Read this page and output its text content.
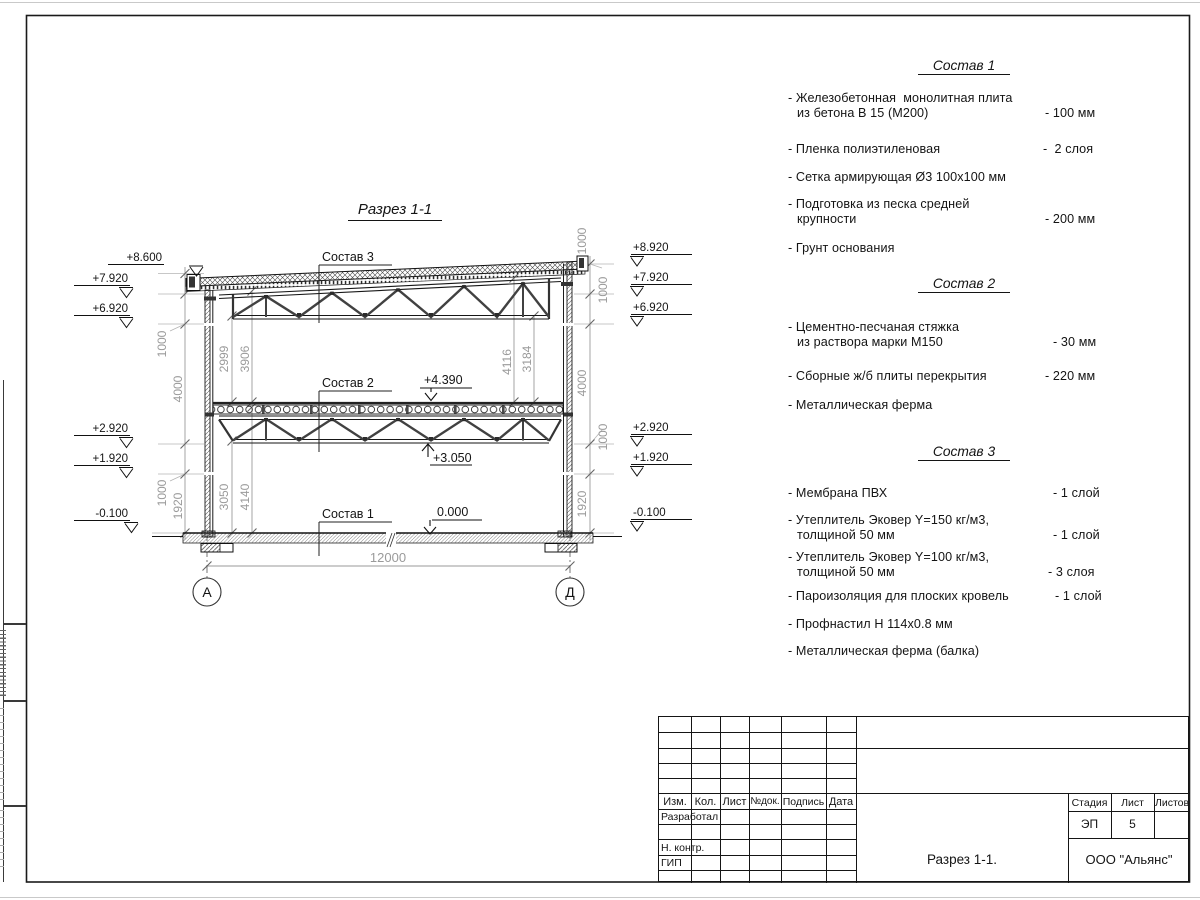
+8.600
+7.920
+6.920
+2.920
+1.920
-0.100
+8.920
+7.920
+6.920
+2.920
+1.920
-0.100
Состав 3
Состав 2
Состав 1
+4.390
+3.050
0.000
1000
4000
1000 1920
1000
1000
4000
1000
1920
2999 3906
3050 4140
4116 3184
12000
А	Д
Разрез 1-1
Состав 1
- Железобетонная  монолитная плита
из бетона В 15 (М200)	- 100 мм
- Пленка полиэтиленовая	-  2 слоя
- Сетка армирующая Ø3 100х100 мм
- Подготовка из песка средней
крупности	- 200 мм
- Грунт основания
Состав 2
- Цементно-песчаная стяжка
из раствора марки М150	- 30 мм
- Сборные ж/б плиты перекрытия	- 220 мм
- Металлическая ферма
Состав 3
- Мембрана ПВХ	- 1 слой
- Утеплитель Эковер Y=150 кг/м3,
толщиной 50 мм	- 1 слой
- Утеплитель Эковер Y=100 кг/м3,
толщиной 50 мм	- 3 слоя
- Пароизоляция для плоских кровель	- 1 слой
- Профнастил Н 114х0.8 мм
- Металлическая ферма (балка)
Изм. Кол. Лист №док. Подпись Дата
Разработал
Н. контр.
ГИП
Стадия	Лист	Листов
ЭП	5
Разрез 1-1.	ООО "Альянс"
